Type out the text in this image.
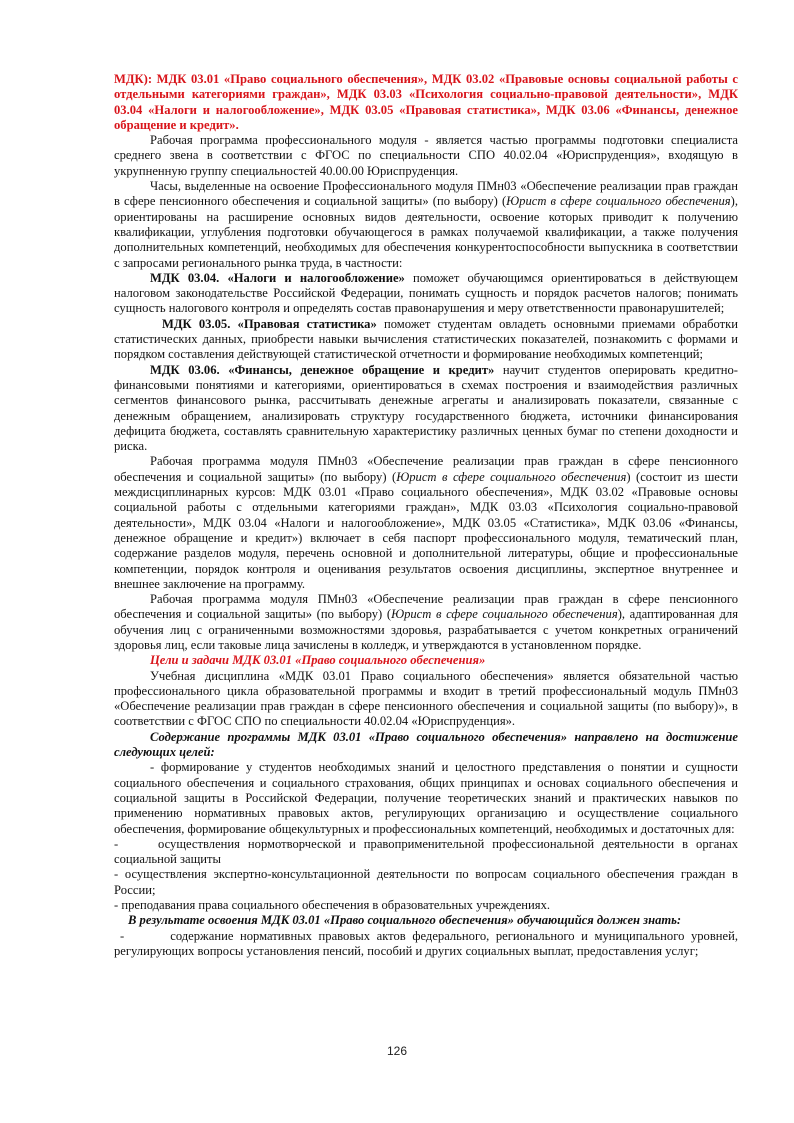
МДК): МДК 03.01 «Право социального обеспечения», МДК 03.02 «Правовые основы социальной работы с отдельными категориями граждан», МДК 03.03 «Психология социально-правовой деятельности», МДК 03.04 «Налоги и налогообложение», МДК 03.05 «Правовая статистика», МДК 03.06 «Финансы, денежное обращение и кредит».

Рабочая программа профессионального модуля - является частью программы подготовки специалиста среднего звена в соответствии с ФГОС по специальности СПО 40.02.04 «Юриспруденция», входящую в укрупненную группу специальностей 40.00.00 Юриспруденция.

Часы, выделенные на освоение Профессионального модуля ПМн03 «Обеспечение реализации прав граждан в сфере пенсионного обеспечения и социальной защиты» (по выбору) (Юрист в сфере социального обеспечения), ориентированы на расширение основных видов деятельности, освоение которых приводит к получению квалификации, углубления подготовки обучающегося в рамках получаемой квалификации, а также получения дополнительных компетенций, необходимых для обеспечения конкурентоспособности выпускника в соответствии с запросами регионального рынка труда, в частности:

МДК 03.04. «Налоги и налогообложение» поможет обучающимся ориентироваться в действующем налоговом законодательстве Российской Федерации, понимать сущность и порядок расчетов налогов; понимать сущность налогового контроля и определять состав правонарушения и меру ответственности правонарушителей;

МДК 03.05. «Правовая статистика» поможет студентам овладеть основными приемами обработки статистических данных, приобрести навыки вычисления статистических показателей, познакомить с формами и порядком составления действующей статистической отчетности и формирование необходимых компетенций;

МДК 03.06. «Финансы, денежное обращение и кредит» научит студентов оперировать кредитно-финансовыми понятиями и категориями, ориентироваться в схемах построения и взаимодействия различных сегментов финансового рынка, рассчитывать денежные агрегаты и анализировать показатели, связанные с денежным обращением, анализировать структуру государственного бюджета, источники финансирования дефицита бюджета, составлять сравнительную характеристику различных ценных бумаг по степени доходности и риска.

Рабочая программа модуля ПМн03 «Обеспечение реализации прав граждан в сфере пенсионного обеспечения и социальной защиты» (по выбору) (Юрист в сфере социального обеспечения) (состоит из шести междисциплинарных курсов: МДК 03.01 «Право социального обеспечения», МДК 03.02 «Правовые основы социальной работы с отдельными категориями граждан», МДК 03.03 «Психология социально-правовой деятельности», МДК 03.04 «Налоги и налогообложение», МДК 03.05 «Статистика», МДК 03.06 «Финансы, денежное обращение и кредит») включает в себя паспорт профессионального модуля, тематический план, содержание разделов модуля, перечень основной и дополнительной литературы, общие и профессиональные компетенции, порядок контроля и оценивания результатов освоения дисциплины, экспертное внутреннее и внешнее заключение на программу.

Рабочая программа модуля ПМн03 «Обеспечение реализации прав граждан в сфере пенсионного обеспечения и социальной защиты» (по выбору) (Юрист в сфере социального обеспечения), адаптированная для обучения лиц с ограниченными возможностями здоровья, разрабатывается с учетом конкретных ограничений здоровья лиц, если таковые лица зачислены в колледж, и утверждаются в установленном порядке.

Цели и задачи МДК 03.01 «Право социального обеспечения»

Учебная дисциплина «МДК 03.01 Право социального обеспечения» является обязательной частью профессионального цикла образовательной программы и входит в третий профессиональный модуль ПМн03 «Обеспечение реализации прав граждан в сфере пенсионного обеспечения и социальной защиты (по выбору)», в соответствии с ФГОС СПО по специальности 40.02.04 «Юриспруденция».

Содержание программы МДК 03.01 «Право социального обеспечения» направлено на достижение следующих целей:

- формирование у студентов необходимых знаний и целостного представления о понятии и сущности социального обеспечения и социального страхования, общих принципах и основах социального обеспечения и социальной защиты в Российской Федерации, получение теоретических знаний и практических навыков по применению нормативных правовых актов, регулирующих организацию и осуществление социального обеспечения, формирование общекультурных и профессиональных компетенций, необходимых и достаточных для:

-     осуществления нормотворческой и правоприменительной профессиональной деятельности в органах социальной защиты

- осуществления экспертно-консультационной деятельности по вопросам социального обеспечения граждан в России;

- преподавания права социального обеспечения в образовательных учреждениях.

В результате освоения МДК 03.01 «Право социального обеспечения» обучающийся должен знать:

-       содержание нормативных правовых актов федерального, регионального и муниципального уровней, регулирующих вопросы установления пенсий, пособий и других социальных выплат, предоставления услуг;

126
